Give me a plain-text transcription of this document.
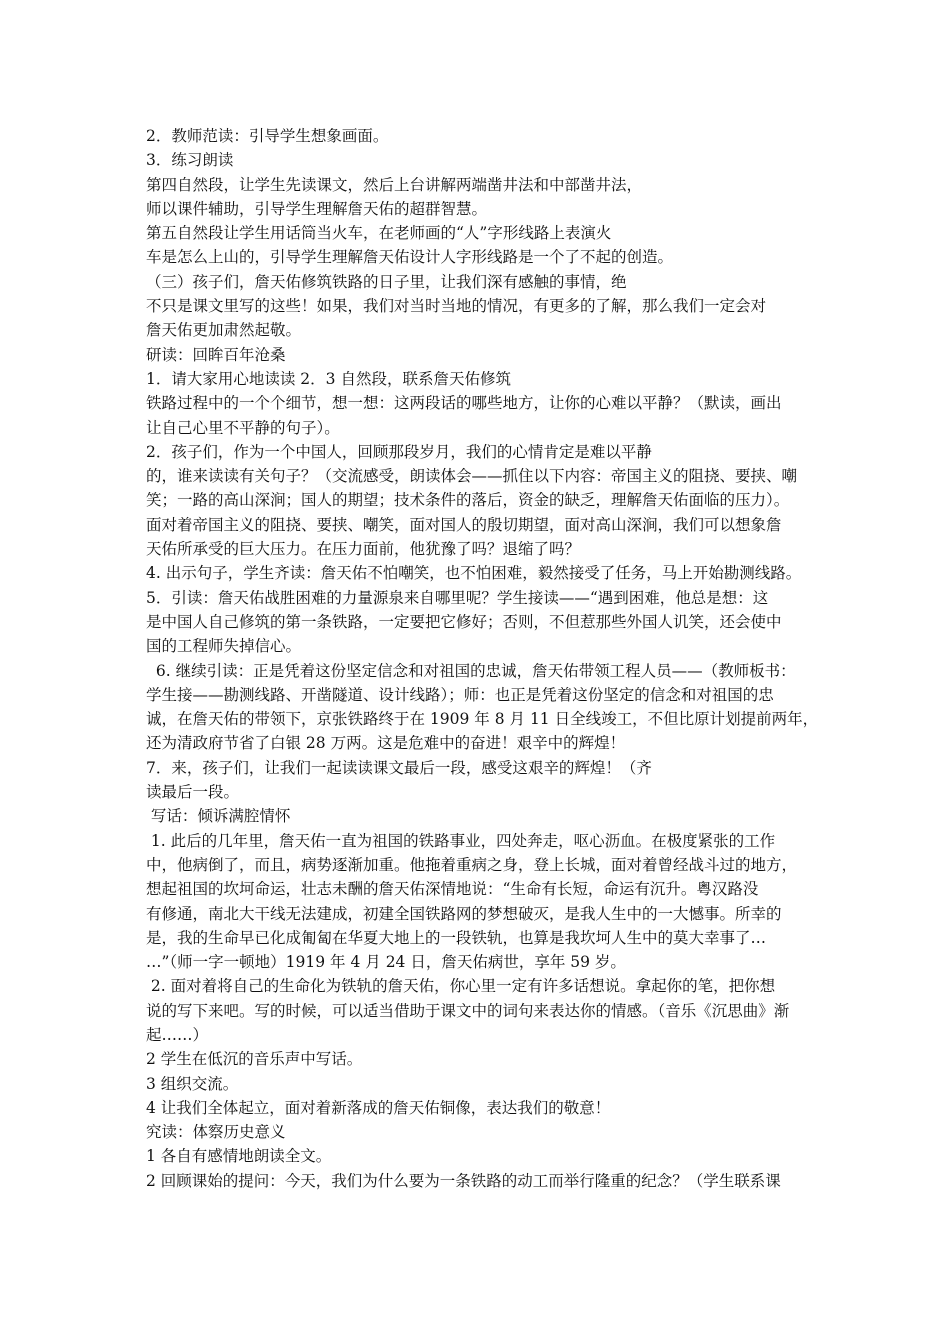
2．教师范读：引导学生想象画面。
3．练习朗读
第四自然段，让学生先读课文，然后上台讲解两端凿井法和中部凿井法，
师以课件辅助，引导学生理解詹天佑的超群智慧。
第五自然段让学生用话筒当火车，在老师画的“人”字形线路上表演火
车是怎么上山的，引导学生理解詹天佑设计人字形线路是一个了不起的创造。
（三）孩子们，詹天佑修筑铁路的日子里，让我们深有感触的事情，绝
不只是课文里写的这些！如果，我们对当时当地的情况，有更多的了解，那么我们一定会对
詹天佑更加肃然起敬。
研读：回眸百年沧桑
1．请大家用心地读读 2．3 自然段，联系詹天佑修筑
铁路过程中的一个个细节，想一想：这两段话的哪些地方，让你的心难以平静？（默读，画出
让自己心里不平静的句子）。
2．孩子们，作为一个中国人，回顾那段岁月，我们的心情肯定是难以平静
的，谁来读读有关句子？（交流感受，朗读体会——抓住以下内容：帝国主义的阻挠、要挟、嘲
笑；一路的高山深涧；国人的期望；技术条件的落后，资金的缺乏，理解詹天佑面临的压力）。
面对着帝国主义的阻挠、要挟、嘲笑，面对国人的殷切期望，面对高山深涧，我们可以想象詹
天佑所承受的巨大压力。在压力面前，他犹豫了吗？退缩了吗？
4. 出示句子，学生齐读：詹天佑不怕嘲笑，也不怕困难，毅然接受了任务，马上开始勘测线路。
5．引读：詹天佑战胜困难的力量源泉来自哪里呢？学生接读——“遇到困难，他总是想：这
是中国人自己修筑的第一条铁路，一定要把它修好；否则，不但惹那些外国人讥笑，还会使中
国的工程师失掉信心。
6. 继续引读：正是凭着这份坚定信念和对祖国的忠诚，詹天佑带领工程人员——（教师板书：
学生接——勘测线路、开凿隧道、设计线路）；师：也正是凭着这份坚定的信念和对祖国的忠
诚，在詹天佑的带领下，京张铁路终于在 1909 年 8 月 11 日全线竣工，不但比原计划提前两年，
还为清政府节省了白银 28 万两。这是危难中的奋进！艰辛中的辉煌！
7．来，孩子们，让我们一起读读课文最后一段，感受这艰辛的辉煌！（齐
读最后一段。
写话：倾诉满腔情怀
1. 此后的几年里，詹天佑一直为祖国的铁路事业，四处奔走，呕心沥血。在极度紧张的工作
中，他病倒了，而且，病势逐渐加重。他拖着重病之身，登上长城，面对着曾经战斗过的地方，
想起祖国的坎坷命运，壮志未酬的詹天佑深情地说：“生命有长短，命运有沉升。粤汉路没
有修通，南北大干线无法建成，初建全国铁路网的梦想破灭，是我人生中的一大憾事。所幸的
是，我的生命早已化成匍匐在华夏大地上的一段铁轨，也算是我坎坷人生中的莫大幸事了…
…”（师一字一顿地）1919 年 4 月 24 日，詹天佑病世，享年 59 岁。
2. 面对着将自己的生命化为铁轨的詹天佑，你心里一定有许多话想说。拿起你的笔，把你想
说的写下来吧。写的时候，可以适当借助于课文中的词句来表达你的情感。（音乐《沉思曲》渐
起……）
2 学生在低沉的音乐声中写话。
3 组织交流。
4 让我们全体起立，面对着新落成的詹天佑铜像，表达我们的敬意！
究读：体察历史意义
1 各自有感情地朗读全文。
2 回顾课始的提问：今天，我们为什么要为一条铁路的动工而举行隆重的纪念？（学生联系课
